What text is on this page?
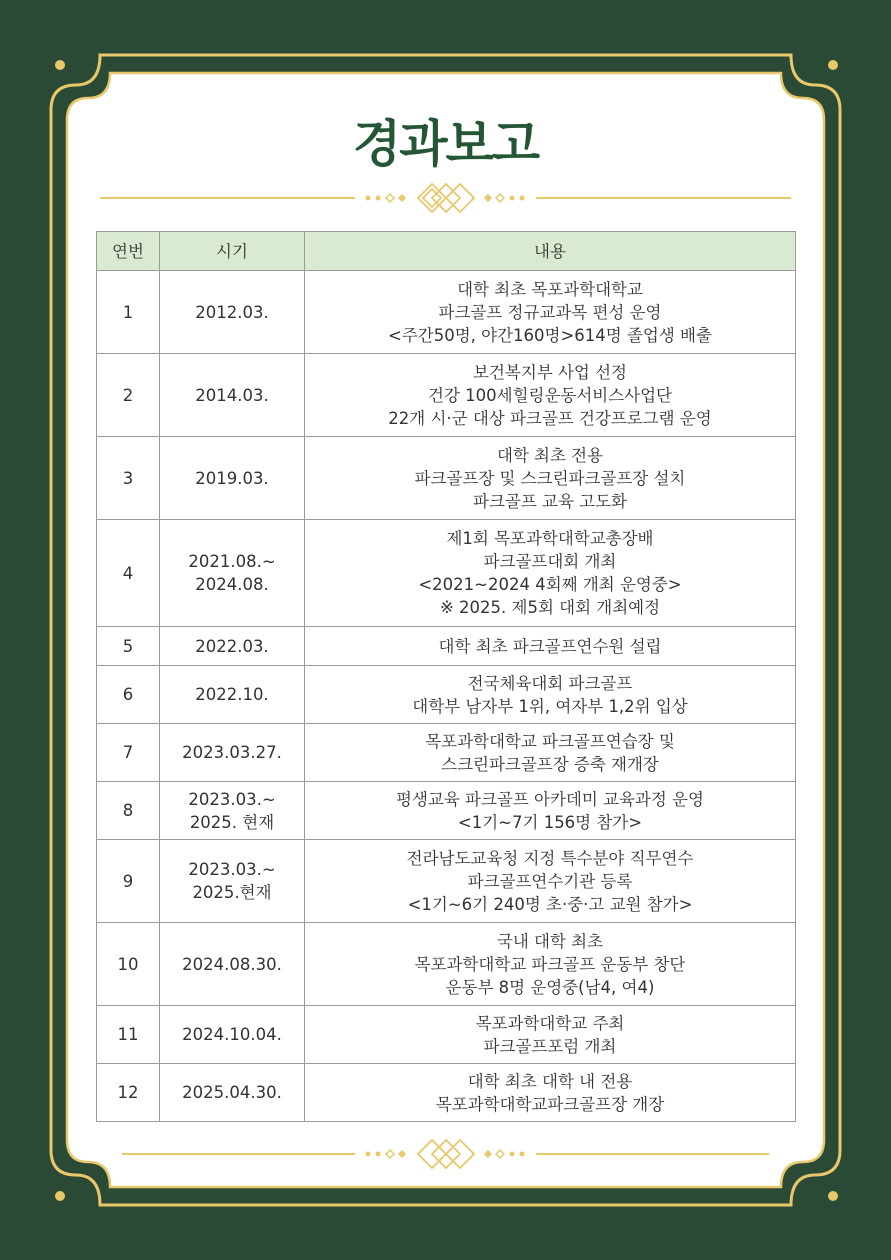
경과보고
연번	시기	내용
1	2012.03.	대학 최초 목포과학대학교
파크골프 정규교과목 편성 운영
<주간50명, 야간160명>614명 졸업생 배출

2	2014.03.	보건복지부 사업 선정
건강 100세힐링운동서비스사업단
22개 시·군 대상 파크골프 건강프로그램 운영

3	2019.03.	대학 최초 전용
파크골프장 및 스크린파크골프장 설치
파크골프 교육 고도화

4	2021.08.~
2024.08.	제1회 목포과학대학교총장배
파크골프대회 개최
<2021~2024 4회째 개최 운영중>
※ 2025. 제5회 대회 개최예정

5	2022.03.	대학 최초 파크골프연수원 설립

6	2022.10.	전국체육대회 파크골프
대학부 남자부 1위, 여자부 1,2위 입상

7	2023.03.27.	목포과학대학교 파크골프연습장 및
스크린파크골프장 증축 재개장

8	2023.03.~
2025. 현재	평생교육 파크골프 아카데미 교육과정 운영
<1기~7기 156명 참가>

9	2023.03.~
2025.현재	전라남도교육청 지정 특수분야 직무연수
파크골프연수기관 등록
<1기~6기 240명 초·중·고 교원 참가>

10	2024.08.30.	국내 대학 최초
목포과학대학교 파크골프 운동부 창단
운동부 8명 운영중(남4, 여4)

11	2024.10.04.	목포과학대학교 주최
파크골프포럼 개최

12	2025.04.30.	대학 최초 대학 내 전용
목포과학대학교파크골프장 개장
